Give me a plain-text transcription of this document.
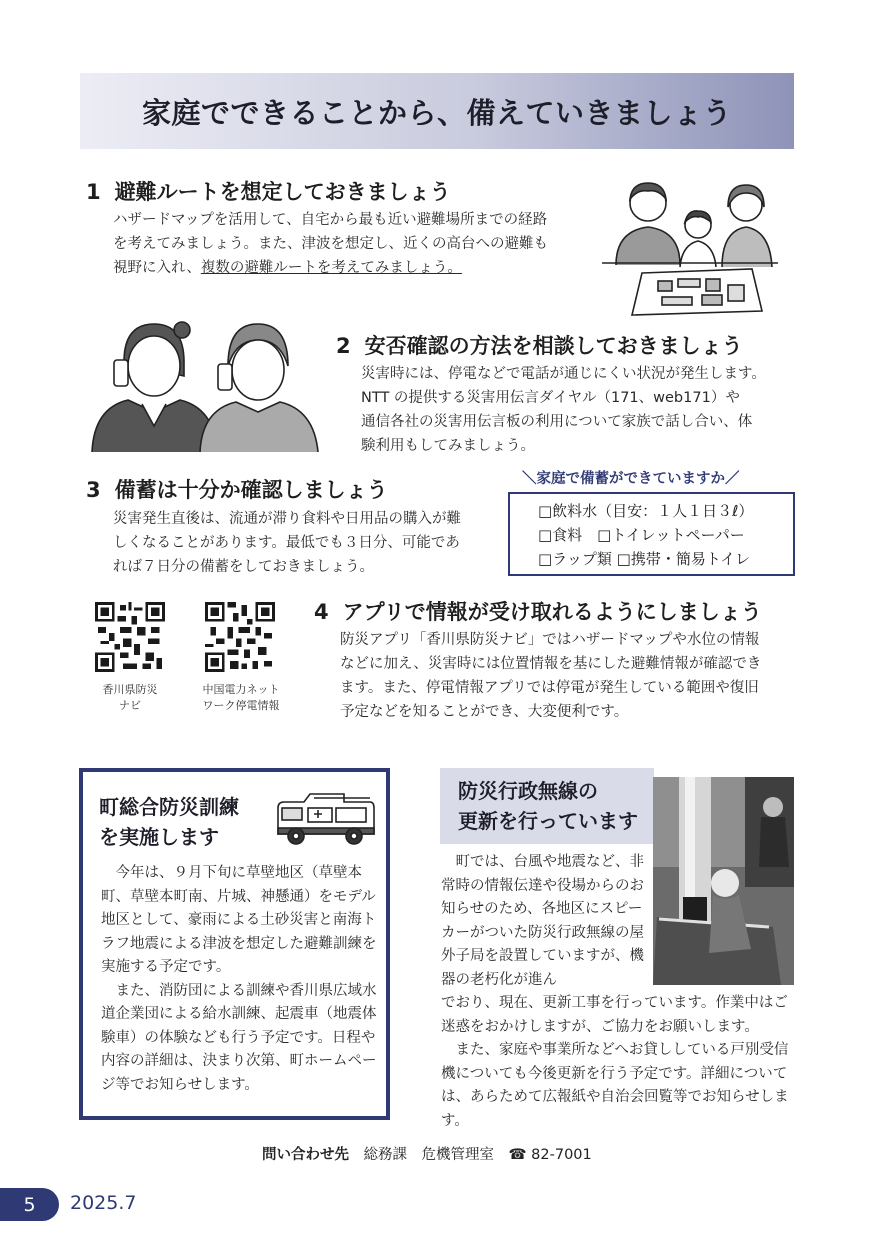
家庭でできることから、備えていきましょう
1 避難ルートを想定しておきましょう
ハザードマップを活用して、自宅から最も近い避難場所までの経路
を考えてみましょう。また、津波を想定し、近くの高台への避難も
視野に入れ、複数の避難ルートを考えてみましょう。
2 安否確認の方法を相談しておきましょう
災害時には、停電などで電話が通じにくい状況が発生します。
NTT の提供する災害用伝言ダイヤル（171、web171）や
通信各社の災害用伝言板の利用について家族で話し合い、体
験利用もしてみましょう。
3 備蓄は十分か確認しましょう
災害発生直後は、流通が滞り食料や日用品の購入が難
しくなることがあります。最低でも３日分、可能であ
れば７日分の備蓄をしておきましょう。
＼家庭で備蓄ができていますか／
□飲料水（目安：１人１日３ℓ）
□食料　□トイレットペーパー
□ラップ類 □携帯・簡易トイレ
香川県防災
ナビ
中国電力ネット
ワーク停電情報
4 アプリで情報が受け取れるようにしましょう
防災アプリ「香川県防災ナビ」ではハザードマップや水位の情報
などに加え、災害時には位置情報を基にした避難情報が確認でき
ます。また、停電情報アプリでは停電が発生している範囲や復旧
予定などを知ることができ、大変便利です。
町総合防災訓練
を実施します

　今年は、９月下旬に草壁地区（草壁本町、草壁本町南、片城、神懸通）をモデル地区として、豪雨による土砂災害と南海トラフ地震による津波を想定した避難訓練を実施する予定です。

　また、消防団による訓練や香川県広域水道企業団による給水訓練、起震車（地震体験車）の体験なども行う予定です。日程や内容の詳細は、決まり次第、町ホームページ等でお知らせします。

防災行政無線の
更新を行っています

　町では、台風や地震など、非常時の情報伝達や役場からのお知らせのため、各地区にスピーカーがついた防災行政無線の屋外子局を設置していますが、機器の老朽化が進ん

でおり、現在、更新工事を行っています。作業中はご迷惑をおかけしますが、ご協力をお願いします。

　また、家庭や事業所などへお貸ししている戸別受信機についても今後更新を行う予定です。詳細については、あらためて広報紙や自治会回覧等でお知らせします。

問い合わせ先　 総務課　危機管理室　 ☎ 82-7001
5	2025.7
